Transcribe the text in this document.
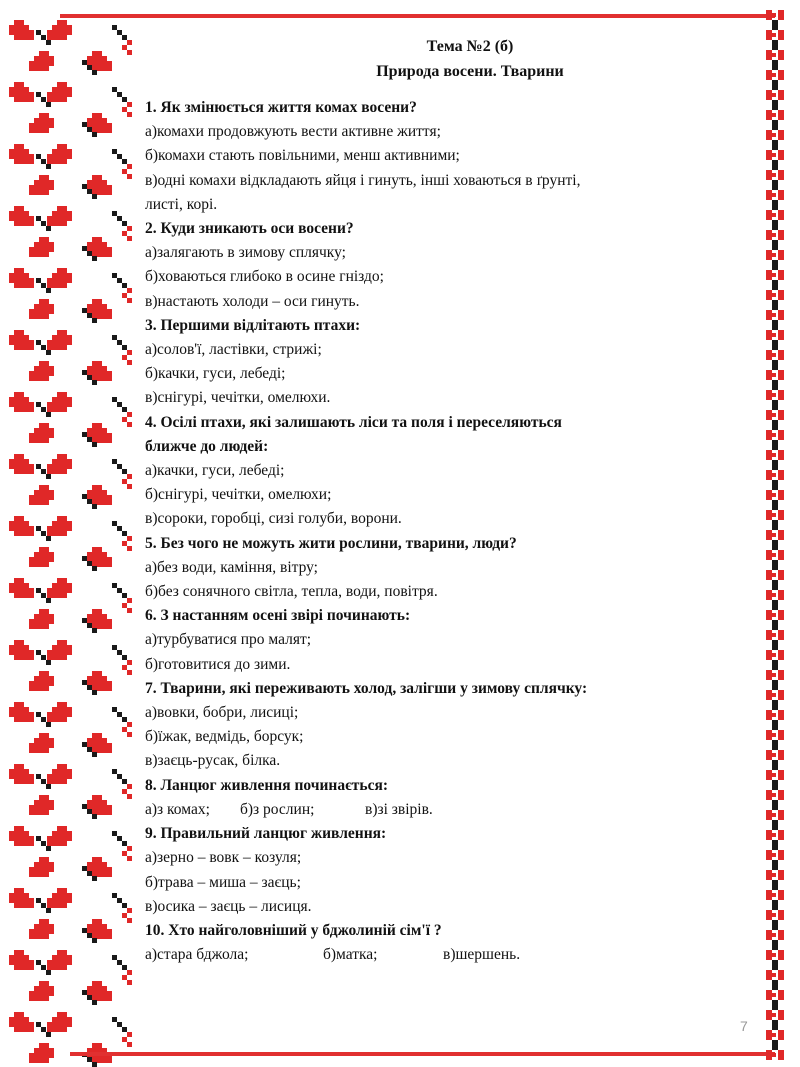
Тема №2 (б)
Природа восени. Тварини
1. Як змінюється життя комах восени?
а)комахи продовжують вести активне життя;
б)комахи стають повільними, менш активними;
в)одні комахи відкладають яйця і гинуть, інші ховаються в ґрунті,
листі, корі.
2. Куди зникають оси восени?
а)залягають в зимову сплячку;
б)ховаються глибоко в осине гніздо;
в)настають холоди – оси гинуть.
3. Першими відлітають птахи:
а)солов'ї, ластівки, стрижі;
б)качки, гуси, лебеді;
в)снігурі, чечітки, омелюхи.
4. Осілі птахи, які залишають ліси та поля і переселяються
ближче до людей:
а)качки, гуси, лебеді;
б)снігурі, чечітки, омелюхи;
в)сороки, горобці, сизі голуби, ворони.
5. Без чого не можуть жити рослини, тварини, люди?
а)без води, каміння, вітру;
б)без сонячного світла, тепла, води, повітря.
6. З настанням осені звірі починають:
а)турбуватися про малят;
б)готовитися до зими.
7. Тварини, які переживають холод, залігши у зимову сплячку:
а)вовки, бобри, лисиці;
б)їжак, ведмідь, борсук;
в)заєць-русак, білка.
8. Ланцюг живлення починається:
а)з комах; б)з рослин;	в)зі звірів.
9. Правильний ланцюг живлення:
а)зерно – вовк – козуля;
б)трава – миша – заєць;
в)осика – заєць – лисиця.
10. Хто найголовніший у бджолиній сім'ї ?
а)стара бджола;	б)матка;	в)шершень.
7
